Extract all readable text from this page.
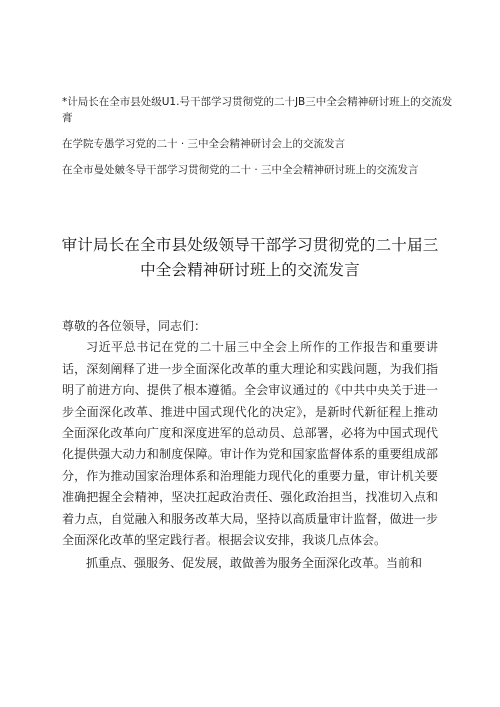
*计局长在全市县处级U1.号干部学习贯彻党的二十JB三中全会精神研讨班上的交流发膏

在学院专愚学习党的二十 · 三中全会精神研讨会上的交流发言

在全市曼处皴冬导干部学习贯彻党的二十 · 三中全会精神研讨班上的交流发言

审计局长在全市县处级领导干部学习贯彻党的二十届三
中全会精神研讨班上的交流发言

尊敬的各位领导，同志们：

习近平总书记在党的二十届三中全会上所作的工作报告和重要讲话，深刻阐释了进一步全面深化改革的重大理论和实践问题，为我们指明了前进方向、提供了根本遵循。全会审议通过的《中共中央关于进一步全面深化改革、推进中国式现代化的决定》，是新时代新征程上推动全面深化改革向广度和深度进军的总动员、总部署，必将为中国式现代化提供强大动力和制度保障。审计作为党和国家监督体系的重要组成部分，作为推动国家治理体系和治理能力现代化的重要力量，审计机关要准确把握全会精神，坚决扛起政治责任、强化政治担当，找准切入点和着力点，自觉融入和服务改革大局，坚持以高质量审计监督，做进一步全面深化改革的坚定践行者。根据会议安排，我谈几点体会。

抓重点、强服务、促发展，敢做善为服务全面深化改革。当前和
